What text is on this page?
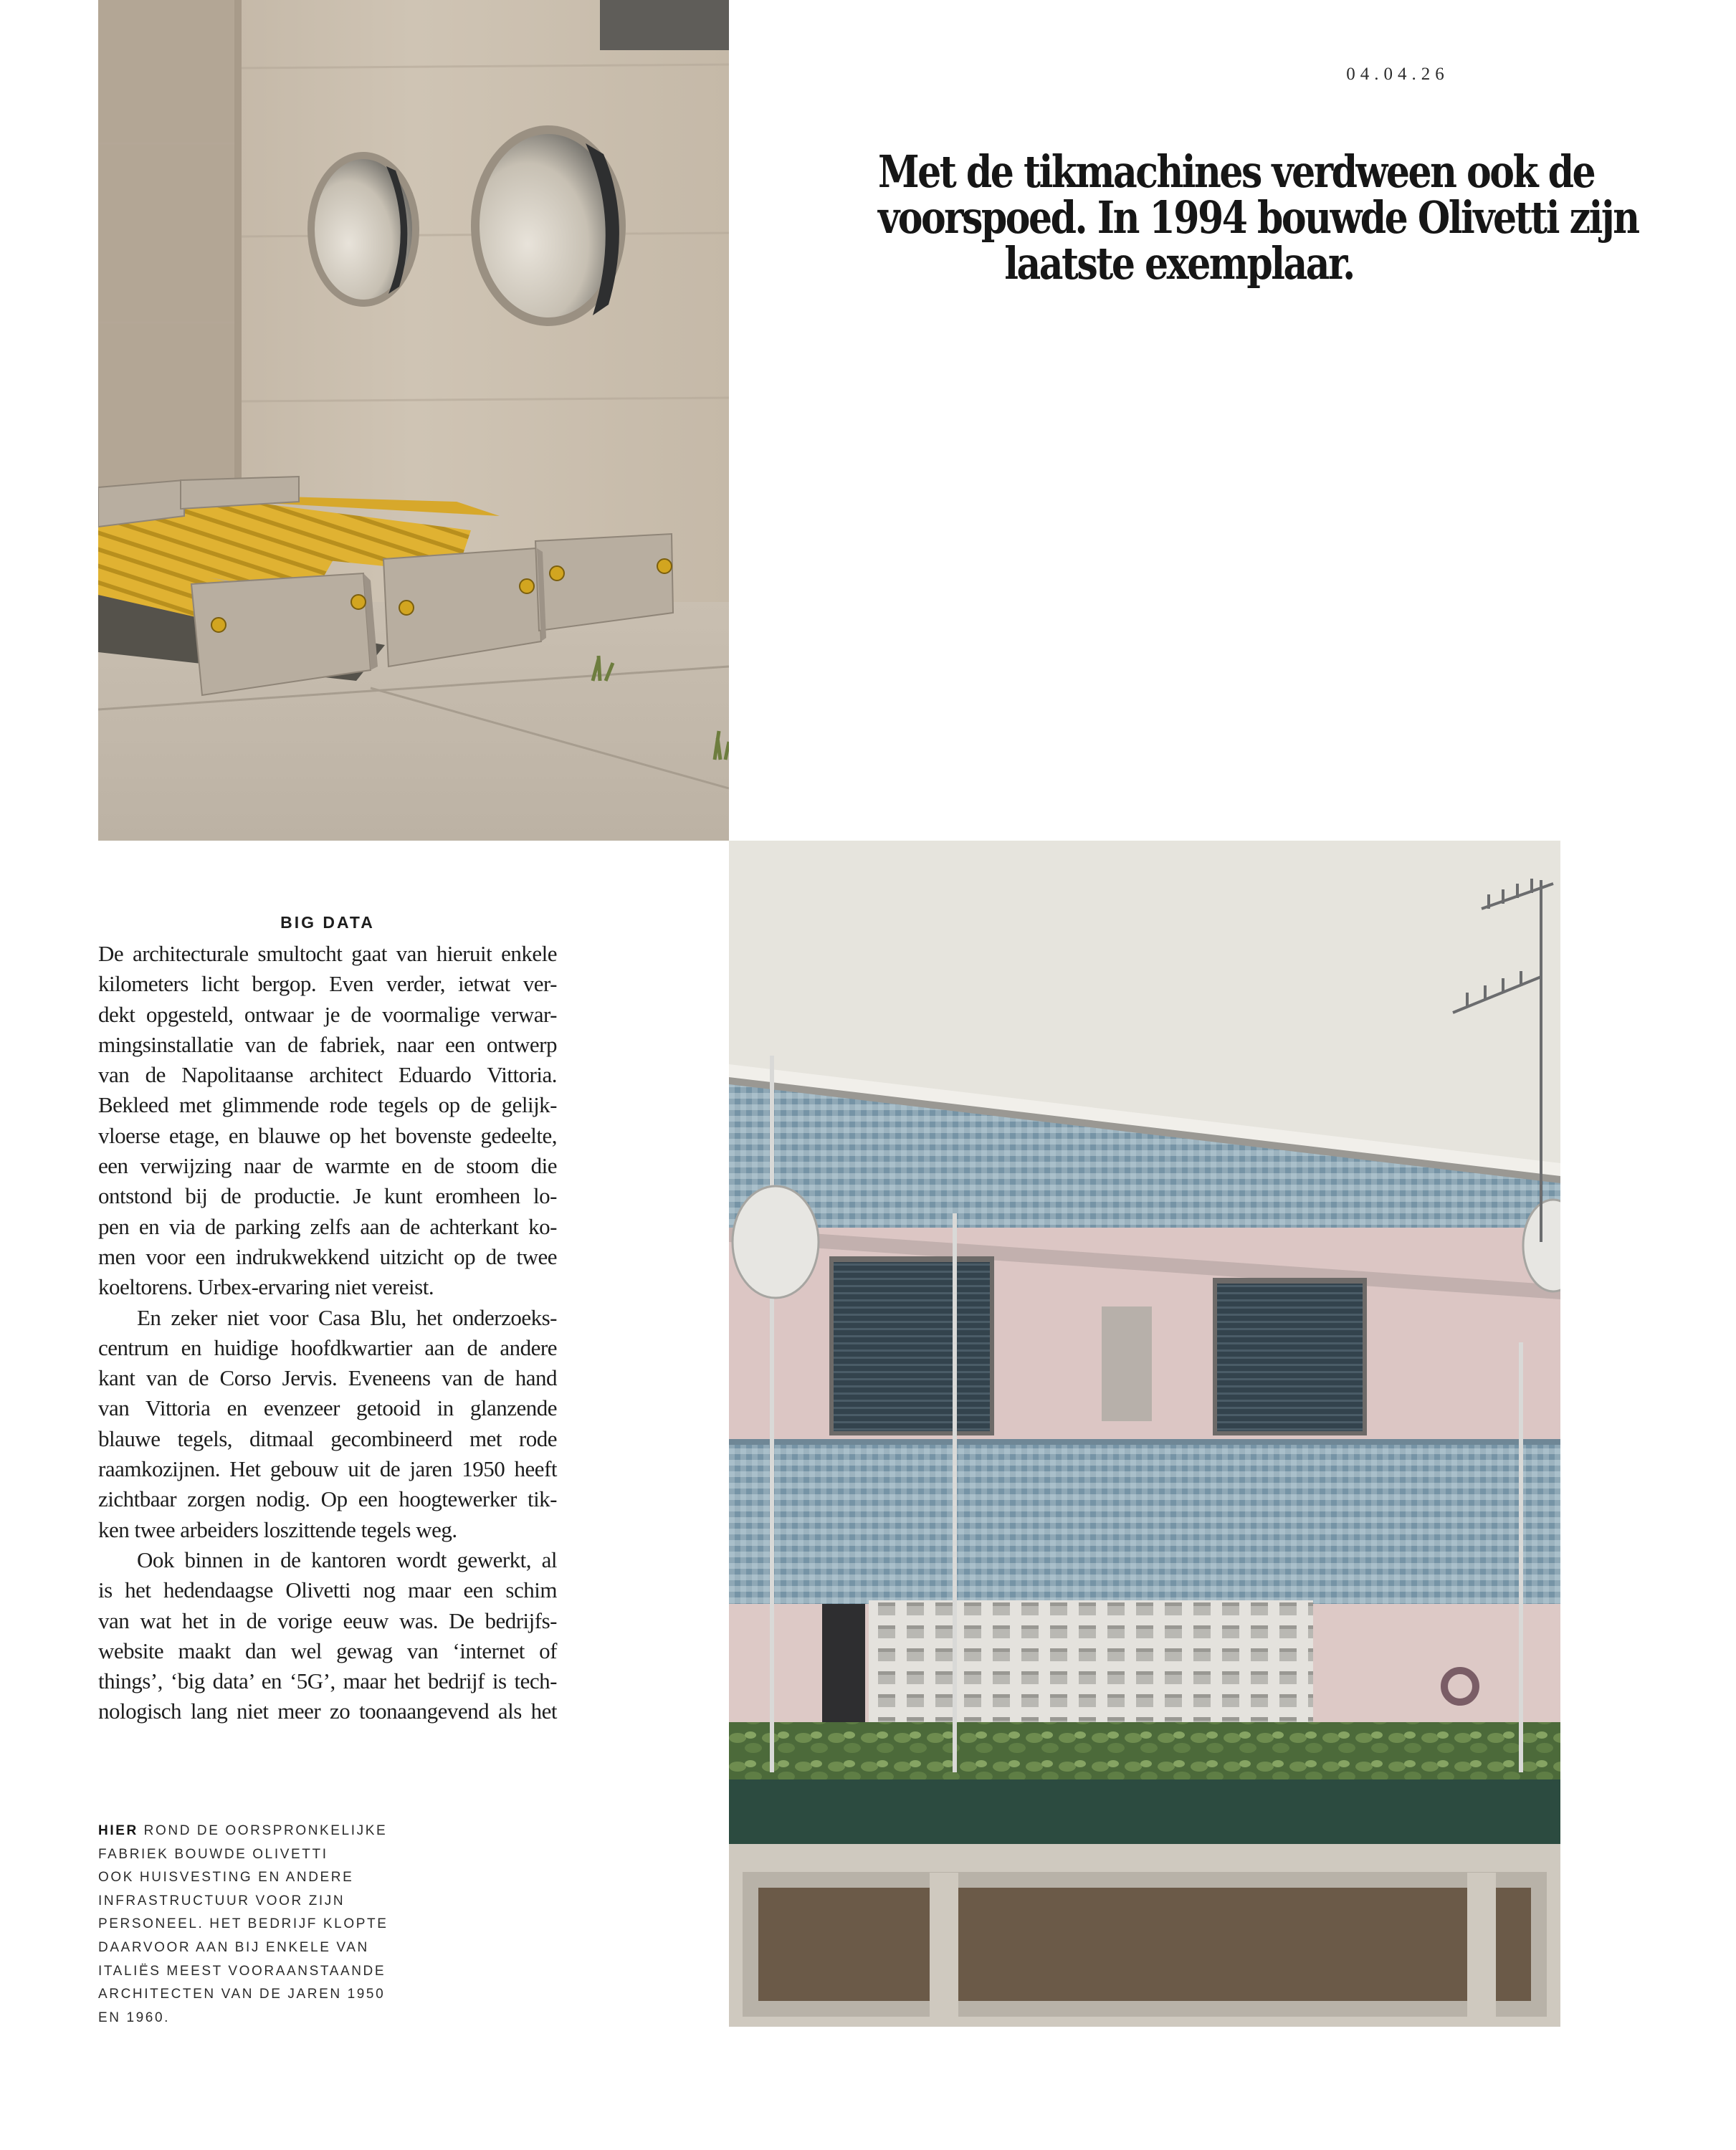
04.04.26
Met de tikmachines verdween ook de
voorspoed. In 1994 bouwde Olivetti zijn
laatste exemplaar.
BIG DATA
De architecturale smultocht gaat van hieruit enkele
kilometers licht bergop. Even verder, ietwat ver-
dekt opgesteld, ontwaar je de voormalige verwar-
mingsinstallatie van de fabriek, naar een ontwerp
van de Napolitaanse architect Eduardo Vittoria.
Bekleed met glimmende rode tegels op de gelijk-
vloerse etage, en blauwe op het bovenste gedeelte,
een verwijzing naar de warmte en de stoom die
ontstond bij de productie. Je kunt eromheen lo-
pen en via de parking zelfs aan de achterkant ko-
men voor een indrukwekkend uitzicht op de twee
koeltorens. Urbex-ervaring niet vereist.
En zeker niet voor Casa Blu, het onderzoeks-
centrum en huidige hoofdkwartier aan de andere
kant van de Corso Jervis. Eveneens van de hand
van Vittoria en evenzeer getooid in glanzende
blauwe tegels, ditmaal gecombineerd met rode
raamkozijnen. Het gebouw uit de jaren 1950 heeft
zichtbaar zorgen nodig. Op een hoogtewerker tik-
ken twee arbeiders loszittende tegels weg.
Ook binnen in de kantoren wordt gewerkt, al
is het hedendaagse Olivetti nog maar een schim
van wat het in de vorige eeuw was. De bedrijfs-
website maakt dan wel gewag van ‘internet of
things’, ‘big data’ en ‘5G’, maar het bedrijf is tech-
nologisch lang niet meer zo toonaangevend als het
HIER ROND DE OORSPRONKELIJKE
FABRIEK BOUWDE OLIVETTI
OOK HUISVESTING EN ANDERE
INFRASTRUCTUUR VOOR ZIJN
PERSONEEL. HET BEDRIJF KLOPTE
DAARVOOR AAN BIJ ENKELE VAN
ITALIËS MEEST VOORAANSTAANDE
ARCHITECTEN VAN DE JAREN 1950
EN 1960.
